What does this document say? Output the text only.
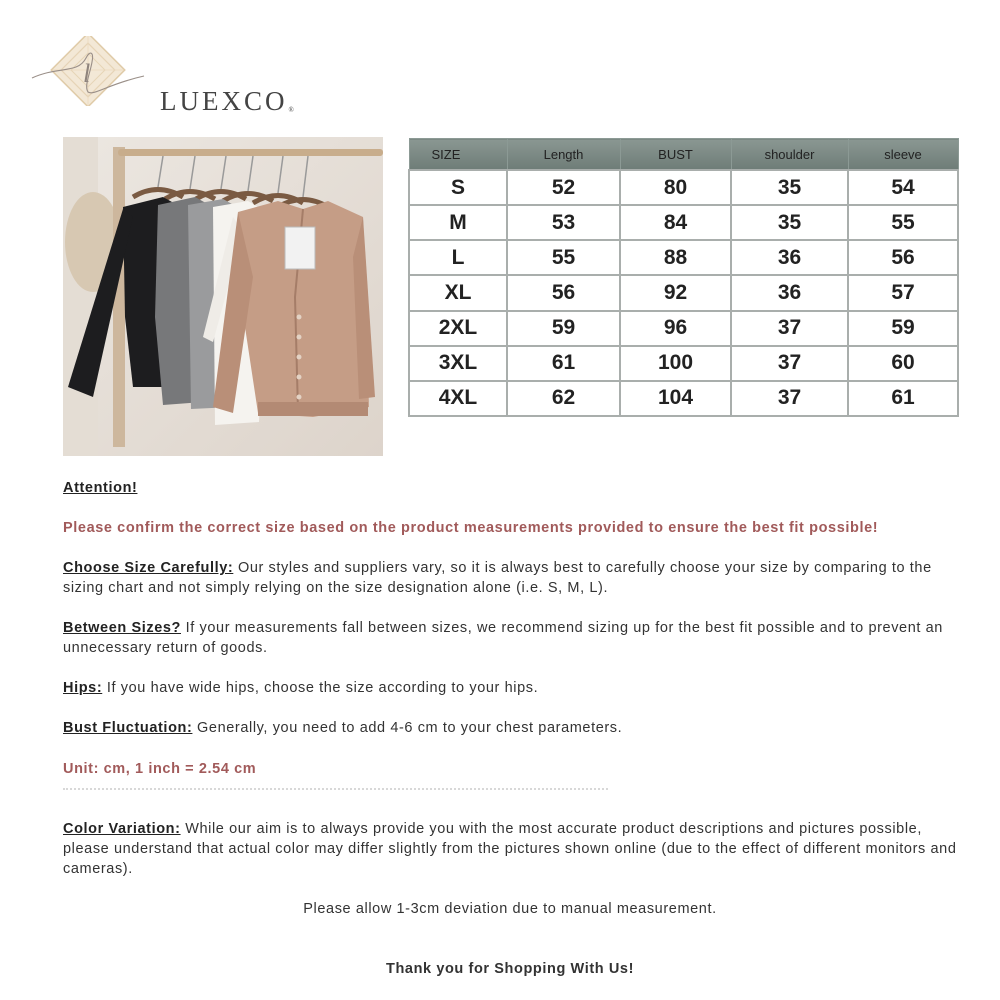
l
LUEXCO®
SIZE	Length	BUST	shoulder	sleeve
S	52	80	35	54
M	53	84	35	55
L	55	88	36	56
XL	56	92	36	57
2XL	59	96	37	59
3XL	61	100	37	60
4XL	62	104	37	61

Attention!

Please confirm the correct size based on the product measurements provided to ensure the best fit possible!

Choose Size Carefully: Our styles and suppliers vary, so it is always best to carefully choose your size by comparing to the sizing chart and not simply relying on the size designation alone (i.e. S, M, L).

Between Sizes? If your measurements fall between sizes, we recommend sizing up for the best fit possible and to prevent an unnecessary return of goods.

Hips: If you have wide hips, choose the size according to your hips.

Bust Fluctuation: Generally, you need to add 4-6 cm to your chest parameters.

Unit: cm, 1 inch = 2.54 cm

Color Variation: While our aim is to always provide you with the most accurate product descriptions and pictures possible, please understand that actual color may differ slightly from the pictures shown online (due to the effect of different monitors and cameras).

Please allow 1-3cm deviation due to manual measurement.

Thank you for Shopping With Us!
